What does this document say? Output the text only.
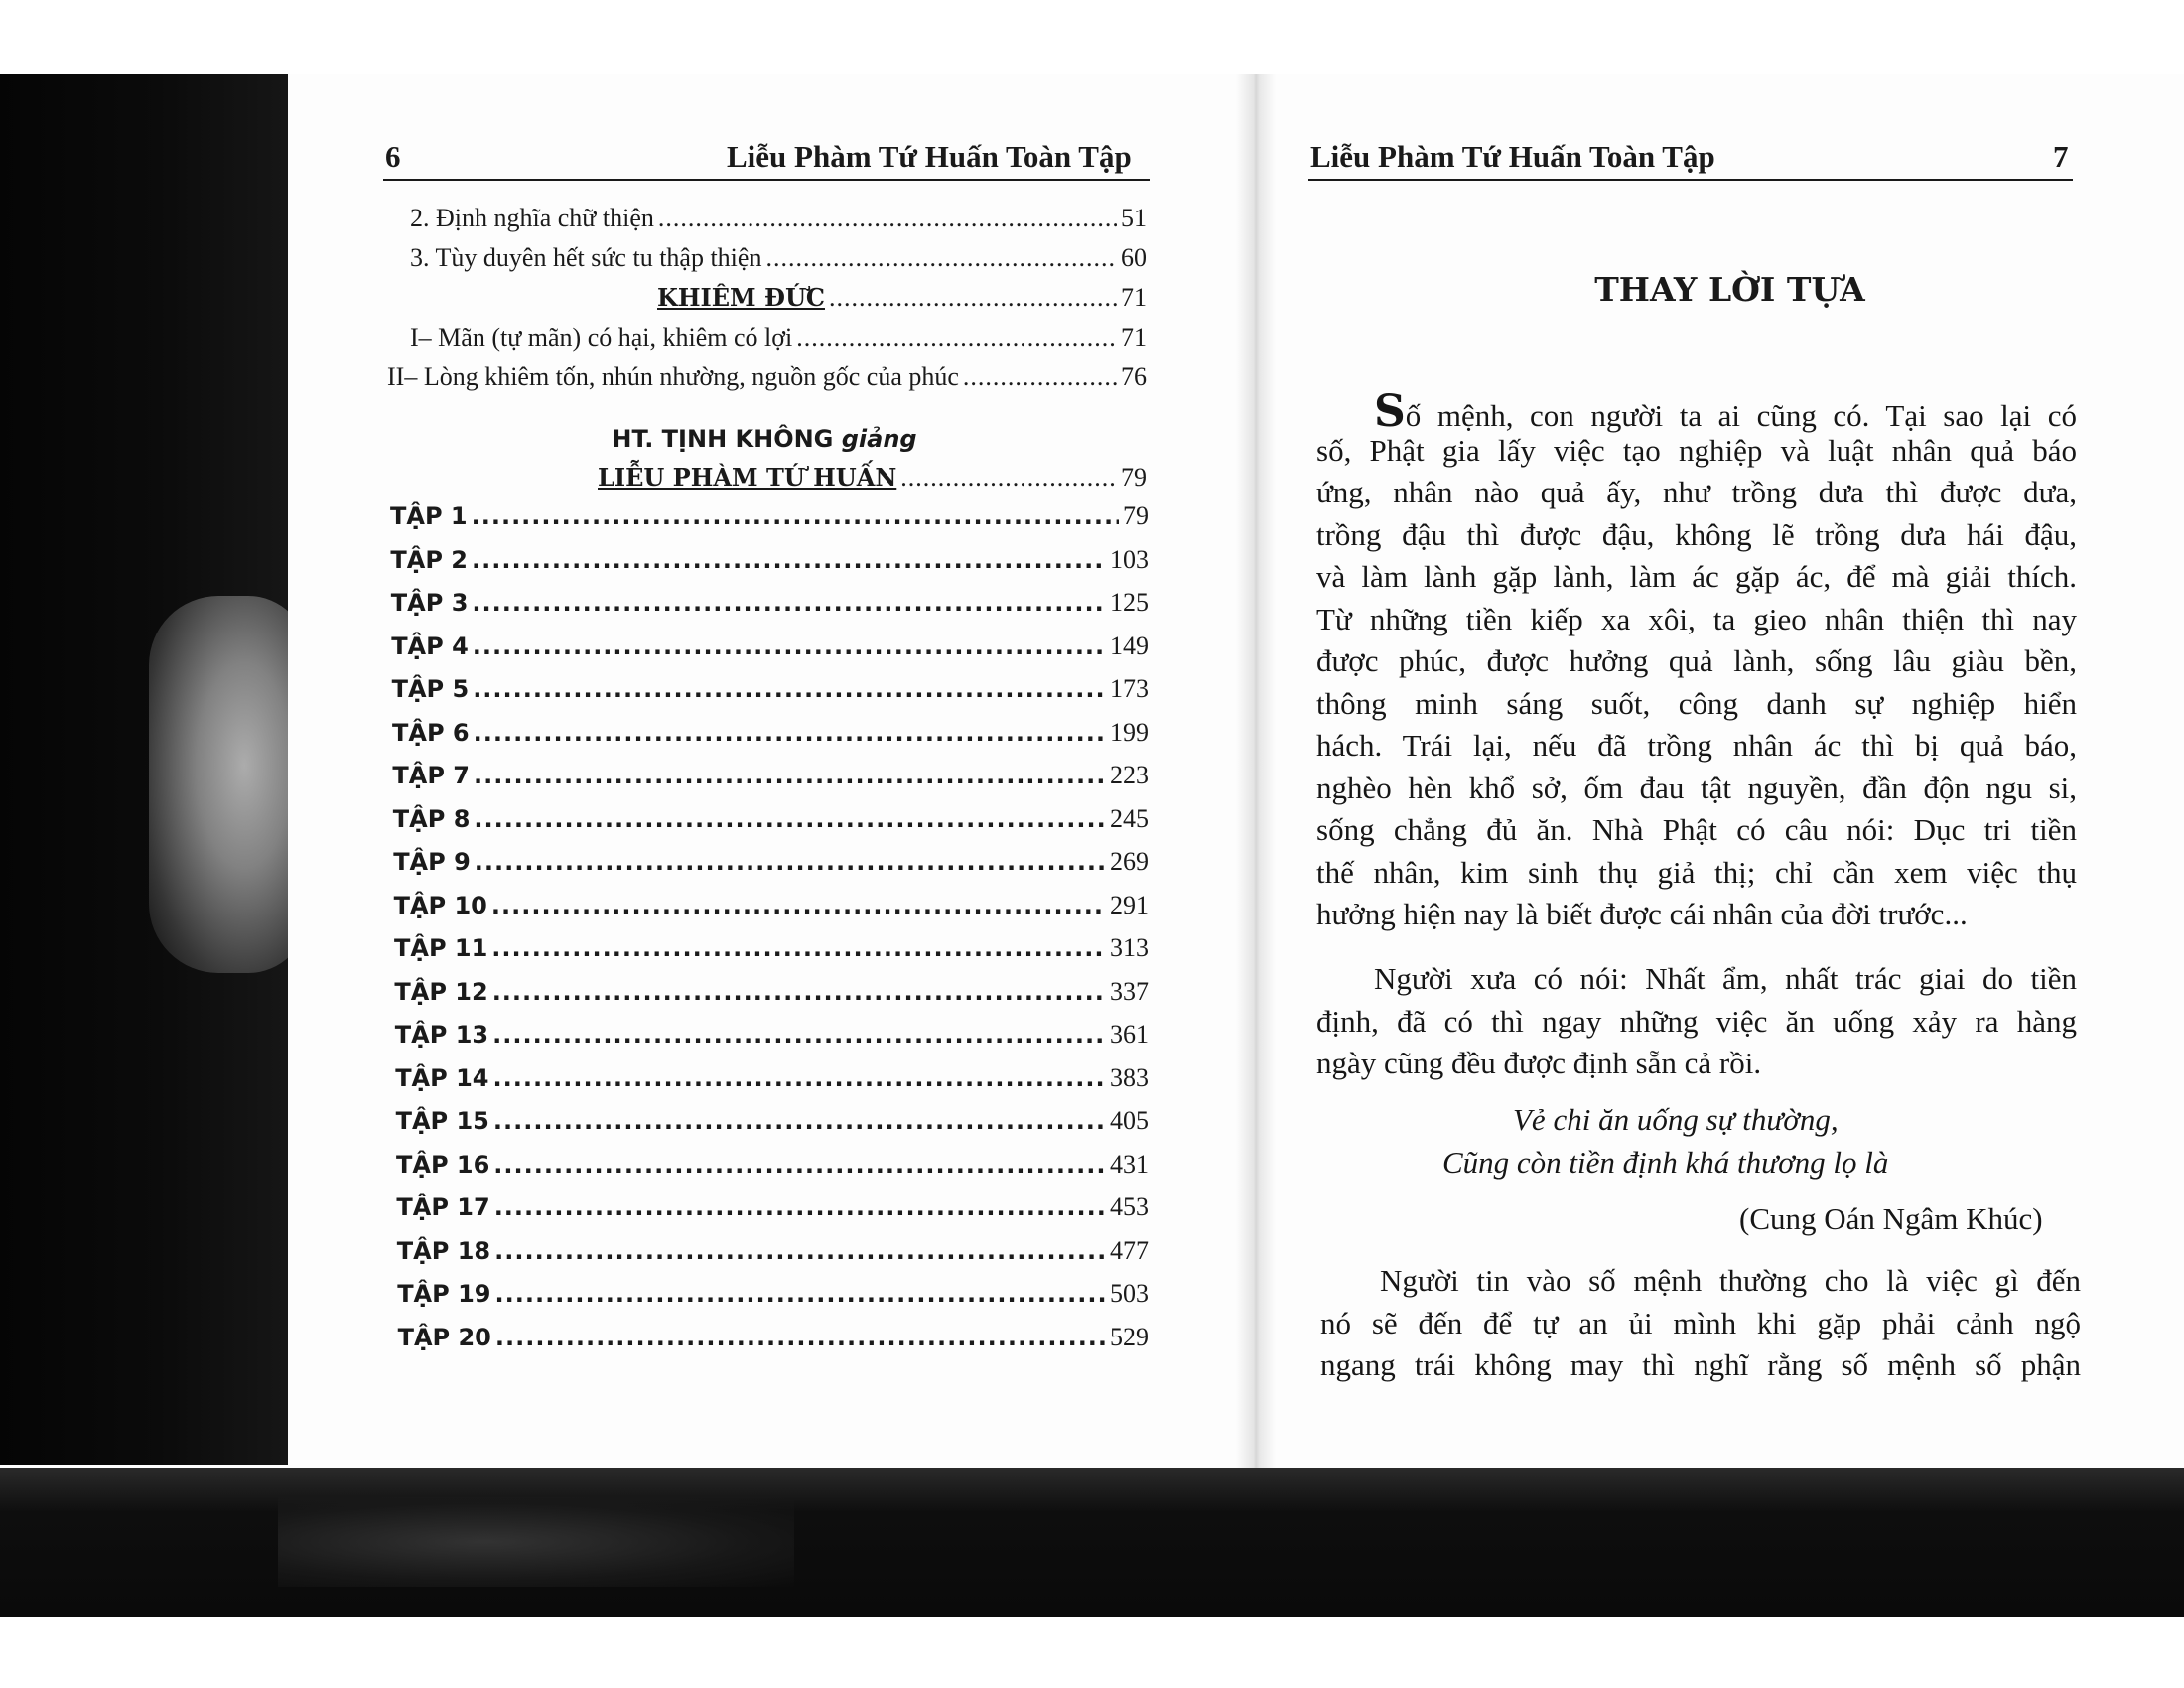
6	Liễu Phàm Tứ Huấn Toàn Tập
2. Định nghĩa chữ thiện .....	51
3. Tùy duyên hết sức tu thập thiện .....	60
KHIÊM ĐỨC .....	71
I– Mãn (tự mãn) có hại, khiêm có lợi .....	71
II– Lòng khiêm tốn, nhún nhường, nguồn gốc của phúc .....	76
HT. TỊNH KHÔNG giảng
LIỄU PHÀM TỨ HUẤN .....	79
TẬP 1 .....	79
TẬP 2 .....	103
TẬP 3 .....	125
TẬP 4 .....	149
TẬP 5 .....	173
TẬP 6 .....	199
TẬP 7 .....	223
TẬP 8 .....	245
TẬP 9 .....	269
TẬP 10 .....	291
TẬP 11 .....	313
TẬP 12 .....	337
TẬP 13 .....	361
TẬP 14 .....	383
TẬP 15 .....	405
TẬP 16 .....	431
TẬP 17 .....	453
TẬP 18 .....	477
TẬP 19 .....	503
TẬP 20 .....	529
Liễu Phàm Tứ Huấn Toàn Tập	7
THAY LỜI TỰA
Số mệnh, con người ta ai cũng có. Tại sao lại có
số, Phật gia lấy việc tạo nghiệp và luật nhân quả báo
ứng, nhân nào quả ấy, như trồng dưa thì được dưa,
trồng đậu thì được đậu, không lẽ trồng dưa hái đậu,
và làm lành gặp lành, làm ác gặp ác, để mà giải thích.
Từ những tiền kiếp xa xôi, ta gieo nhân thiện thì nay
được phúc, được hưởng quả lành, sống lâu giàu bền,
thông minh sáng suốt, công danh sự nghiệp hiển
hách. Trái lại, nếu đã trồng nhân ác thì bị quả báo,
nghèo hèn khổ sở, ốm đau tật nguyền, đần độn ngu si,
sống chẳng đủ ăn. Nhà Phật có câu nói: Dục tri tiền
thế nhân, kim sinh thụ giả thị; chỉ cần xem việc thụ
hưởng hiện nay là biết được cái nhân của đời trước...
Người xưa có nói: Nhất ẩm, nhất trác giai do tiền
định, đã có thì ngay những việc ăn uống xảy ra hàng
ngày cũng đều được định sẵn cả rồi.
Vẻ chi ăn uống sự thường,
Cũng còn tiền định khá thương lọ là
(Cung Oán Ngâm Khúc)
Người tin vào số mệnh thường cho là việc gì đến
nó sẽ đến để tự an ủi mình khi gặp phải cảnh ngộ
ngang trái không may thì nghĩ rằng số mệnh số phận
